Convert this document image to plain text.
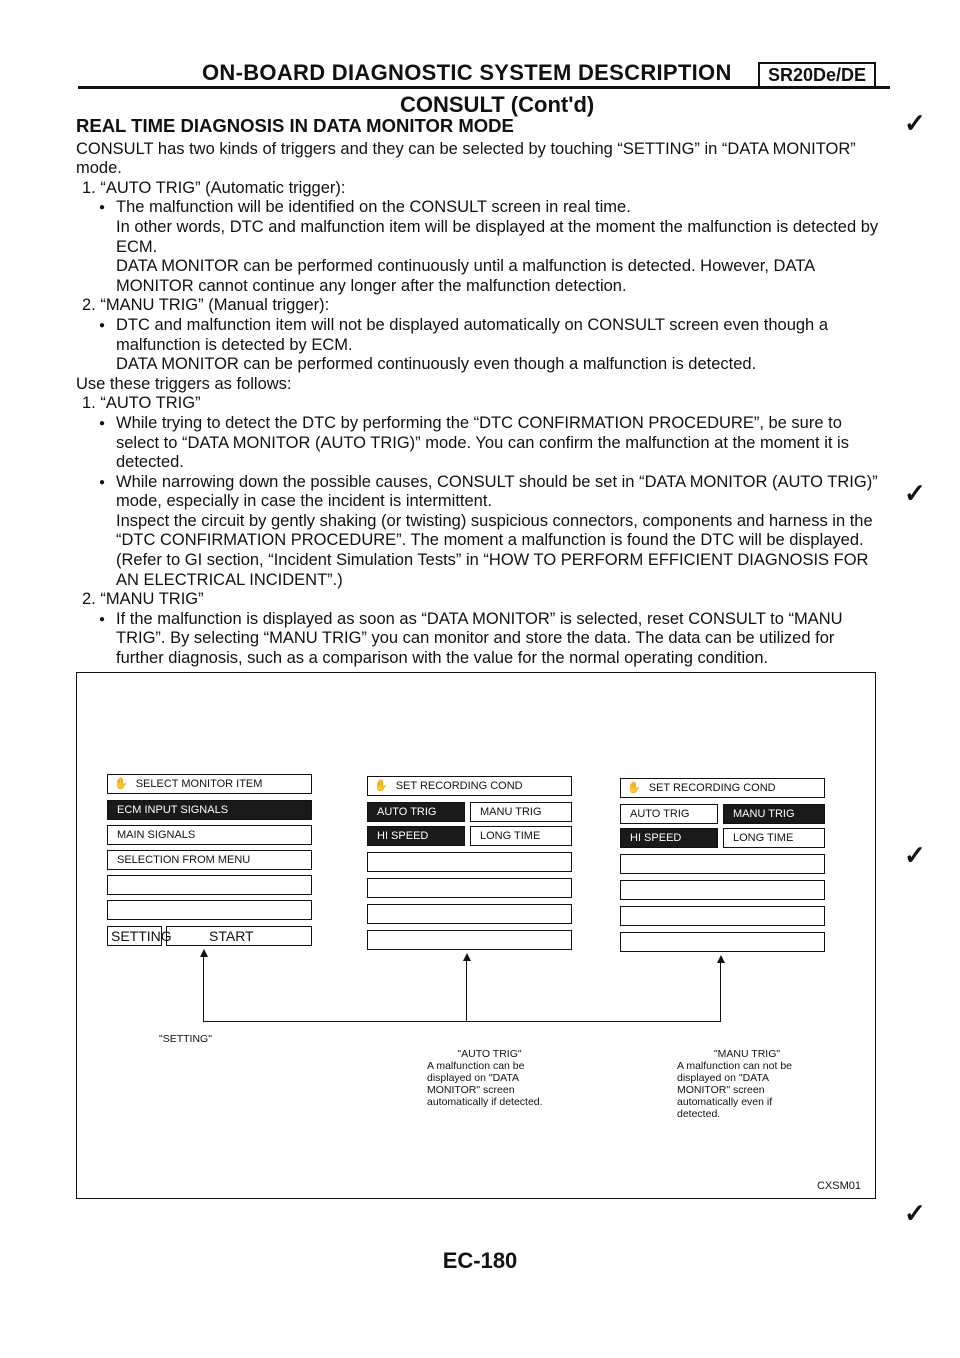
ON-BOARD DIAGNOSTIC SYSTEM DESCRIPTION	SR20De/DE
CONSULT (Cont'd)
REAL TIME DIAGNOSIS IN DATA MONITOR MODE

CONSULT has two kinds of triggers and they can be selected by touching “SETTING” in “DATA MONITOR” mode.

1. “AUTO TRIG” (Automatic trigger):

● The malfunction will be identified on the CONSULT screen in real time.

In other words, DTC and malfunction item will be displayed at the moment the malfunction is detected by ECM.

DATA MONITOR can be performed continuously until a malfunction is detected. However, DATA MONITOR cannot continue any longer after the malfunction detection.

2. “MANU TRIG” (Manual trigger):

● DTC and malfunction item will not be displayed automatically on CONSULT screen even though a malfunction is detected by ECM.

DATA MONITOR can be performed continuously even though a malfunction is detected.

Use these triggers as follows:

1. “AUTO TRIG”

● While trying to detect the DTC by performing the “DTC CONFIRMATION PROCEDURE”, be sure to select to “DATA MONITOR (AUTO TRIG)” mode. You can confirm the malfunction at the moment it is detected.

● While narrowing down the possible causes, CONSULT should be set in “DATA MONITOR (AUTO TRIG)” mode, especially in case the incident is intermittent.

Inspect the circuit by gently shaking (or twisting) suspicious connectors, components and harness in the “DTC CONFIRMATION PROCEDURE”. The moment a malfunction is found the DTC will be displayed. (Refer to GI section, “Incident Simulation Tests” in “HOW TO PERFORM EFFICIENT DIAGNOSIS FOR AN ELECTRICAL INCIDENT”.)

2. “MANU TRIG”

● If the malfunction is displayed as soon as “DATA MONITOR” is selected, reset CONSULT to “MANU TRIG”. By selecting “MANU TRIG” you can monitor and store the data. The data can be utilized for further diagnosis, such as a comparison with the value for the normal operating condition.

✓
✓
✓
✓
✋ SELECT MONITOR ITEM
ECM INPUT SIGNALS
MAIN SIGNALS
SELECTION FROM MENU
SETTING	START
✋ SET RECORDING COND
AUTO TRIG	MANU TRIG
HI SPEED	LONG TIME
✋ SET RECORDING COND
AUTO TRIG	MANU TRIG
HI SPEED	LONG TIME
"SETTING"
"AUTO TRIG"
A malfunction can be displayed on "DATA MONITOR" screen automatically if detected.
"MANU TRIG"
A malfunction can not be displayed on "DATA MONITOR" screen automatically even if detected.
CXSM01
EC-180
